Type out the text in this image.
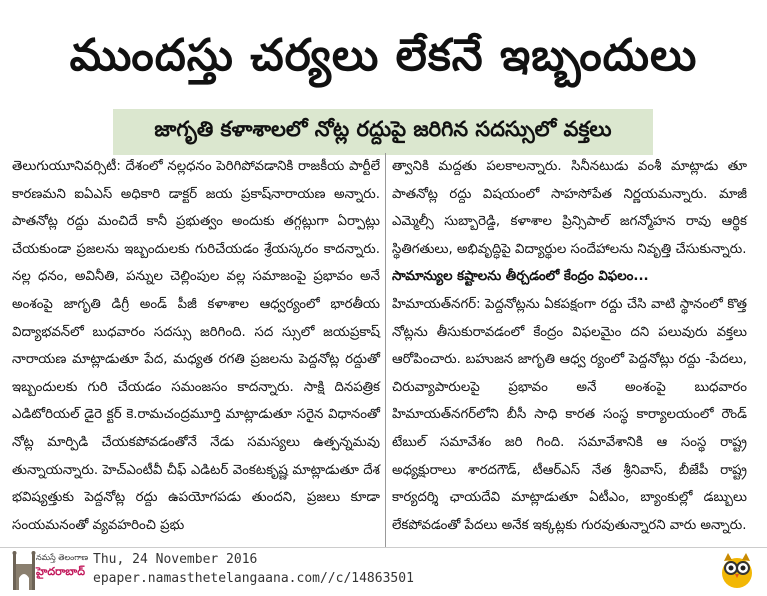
ముందస్తు చర్యలు లేకనే ఇబ్బందులు
జాగృతి కళాశాలలో నోట్ల రద్దుపై జరిగిన సదస్సులో వక్తలు

తెలుగుయూనివర్సిటీ: దేశంలో నల్లధనం పెరిగిపోవడానికి రాజకీయ పార్టీలే కారణమని ఐఏఎస్ అధికారి డాక్టర్ జయ ప్రకాష్‌నారాయణ అన్నారు. పాతనోట్ల రద్దు మంచిదే కానీ ప్రభుత్వం అందుకు తగ్గట్లుగా ఏర్పాట్లు చేయకుండా ప్రజలను ఇబ్బందులకు గురిచేయడం శ్రేయస్కరం కాదన్నారు. నల్ల ధనం, అవినీతి, పన్నుల చెల్లింపుల వల్ల సమాజంపై ప్రభావం అనే అంశంపై జాగృతి డిగ్రీ అండ్ పీజీ కళాశాల ఆధ్వర్యంలో భారతీయ విద్యాభవన్‌లో బుధవారం సదస్సు జరిగింది. సద స్సులో జయప్రకాష్ నారాయణ మాట్లాడుతూ పేద, మధ్యత రగతి ప్రజలను పెద్దనోట్ల రద్దుతో ఇబ్బందులకు గురి చేయడం సమంజసం కాదన్నారు. సాక్షి దినపత్రిక ఎడిటోరియల్ డైరె క్టర్ కె.రామచంద్రమూర్తి మాట్లాడుతూ సరైన విధానంతో నోట్ల మార్పిడి చేయకపోవడంతోనే నేడు సమస్యలు ఉత్పన్నమవు తున్నాయన్నారు. హెచ్‌ఎంటీవీ చీఫ్ ఎడిటర్ వెంకటకృష్ణ మాట్లాడుతూ దేశ భవిష్యత్తుకు పెద్దనోట్ల రద్దు ఉపయోగపడు తుందని, ప్రజలు కూడా సంయమనంతో వ్యవహరించి ప్రభు

త్వానికి మద్దతు పలకాలన్నారు. సినీనటుడు వంశీ మాట్లాడు తూ పాతనోట్ల రద్దు విషయంలో సాహసోపేత నిర్ణయమన్నారు. మాజీ ఎమ్మెల్సీ సుబ్బారెడ్డి, కళాశాల ప్రిన్సిపాల్ జగన్మోహన రావు ఆర్థిక స్థితిగతులు, అభివృద్ధిపై విద్యార్థుల సందేహాలను నివృత్తి చేసుకున్నారు.

సామాన్యుల కష్టాలను తీర్చడంలో కేంద్రం విఫలం...

హిమాయత్‌నగర్: పెద్దనోట్లను ఏకపక్షంగా రద్దు చేసి వాటి స్థానంలో కొత్త నోట్లను తీసుకురావడంలో కేంద్రం విఫలమైం దని పలువురు వక్తలు ఆరోపించారు. బహుజన జాగృతి ఆధ్వ ర్యంలో పెద్దనోట్లు రద్దు -పేదలు, చిరువ్యాపారులపై ప్రభావం అనే అంశంపై బుధవారం హిమాయత్‌నగర్‌లోని బీసీ సాధి కారత సంస్థ కార్యాలయంలో రౌండ్ టేబుల్ సమావేశం జరి గింది. సమావేశానికి ఆ సంస్థ రాష్ట్ర అధ్యక్షురాలు శారదగౌడ్, టీఆర్ఎస్ నేత శ్రీనివాస్, బీజేపీ రాష్ట్ర కార్యదర్శి ఛాయదేవి మాట్లాడుతూ ఏటీఎం, బ్యాంకుల్లో డబ్బులు లేకపోవడంతో పేదలు అనేక ఇక్కట్లకు గురవుతున్నారని వారు అన్నారు.

నమస్తే తెలంగాణ
హైదరాబాద్
Thu, 24 November 2016
epaper.namasthetelangaana.com//c/14863501
